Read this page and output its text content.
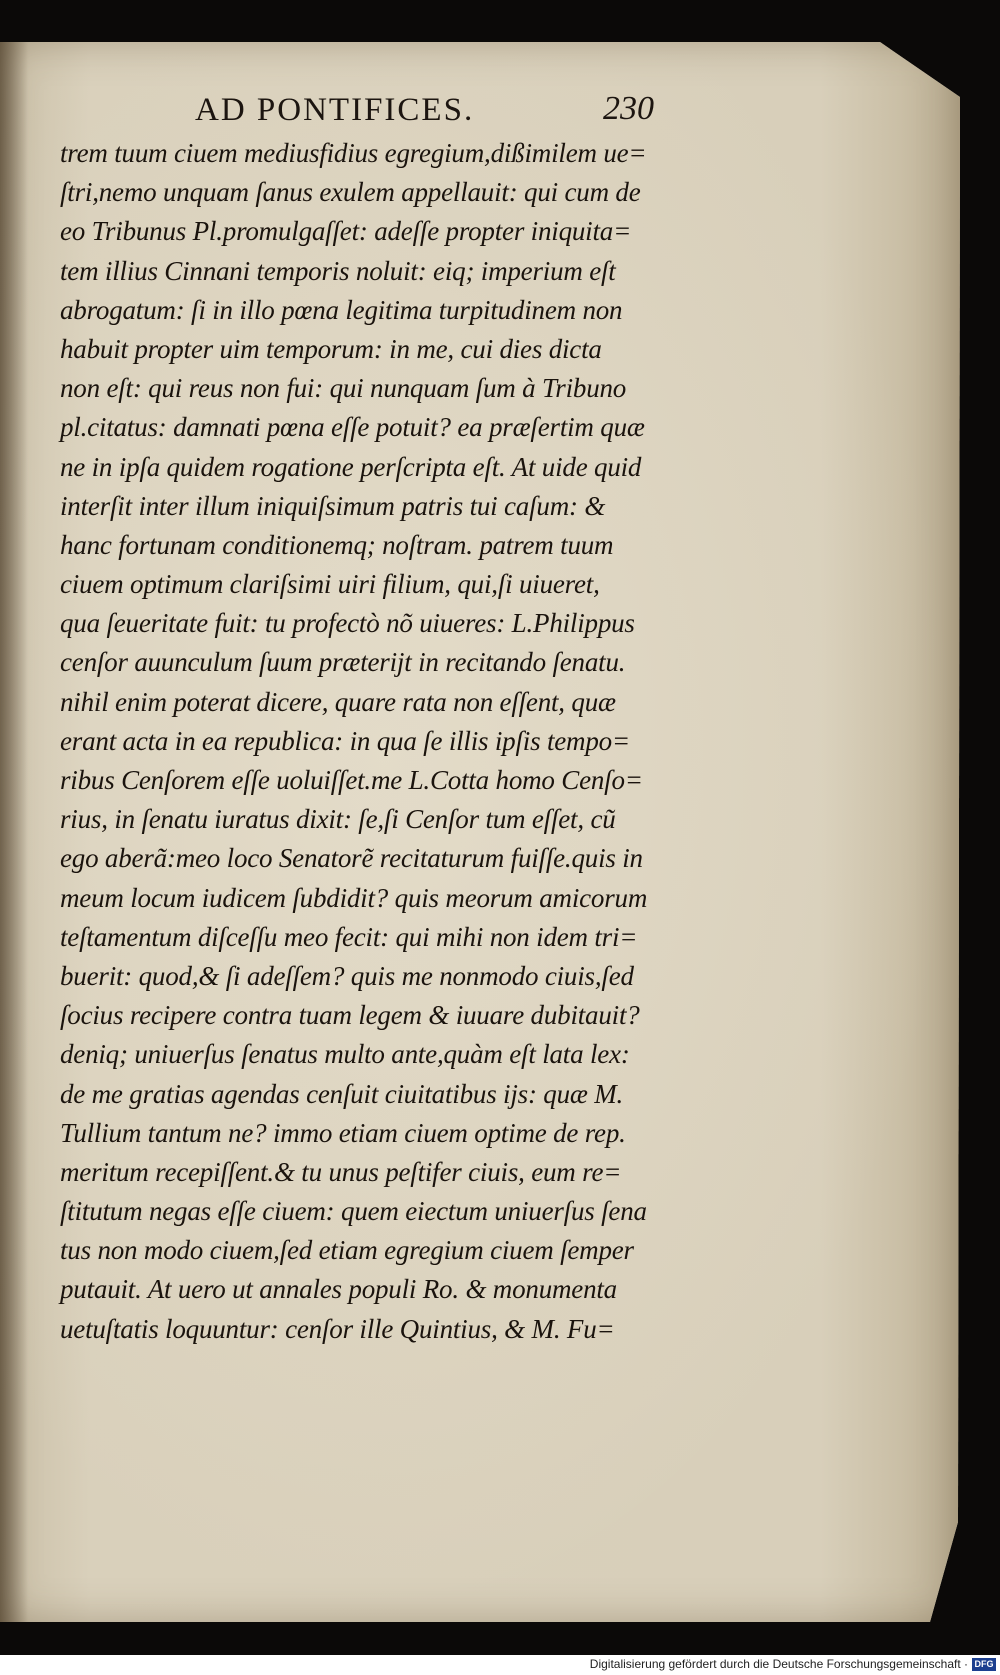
AD PONTIFICES.	230
trem tuum ciuem mediusfidius egregium,dißimilem ue=
ſtri,nemo unquam ſanus exulem appellauit: qui cum de
eo Tribunus Pl.promulgaſſet: adeſſe propter iniquita=
tem illius Cinnani temporis noluit: eiq; imperium eſt
abrogatum: ſi in illo pœna legitima turpitudinem non
habuit propter uim temporum: in me, cui dies dicta
non eſt: qui reus non fui: qui nunquam ſum à Tribuno
pl.citatus: damnati pœna eſſe potuit? ea præſertim quæ
ne in ipſa quidem rogatione perſcripta eſt. At uide quid
interſit inter illum iniquiſsimum patris tui caſum: &
hanc fortunam conditionemq; noſtram. patrem tuum
ciuem optimum clariſsimi uiri filium, qui,ſi uiueret,
qua ſeueritate fuit: tu profectò nõ uiueres: L.Philippus
cenſor auunculum ſuum præterijt in recitando ſenatu.
nihil enim poterat dicere, quare rata non eſſent, quæ
erant acta in ea republica: in qua ſe illis ipſis tempo=
ribus Cenſorem eſſe uoluiſſet.me L.Cotta homo Cenſo=
rius, in ſenatu iuratus dixit: ſe,ſi Cenſor tum eſſet, cũ
ego aberã:meo loco Senatorẽ recitaturum fuiſſe.quis in
meum locum iudicem ſubdidit? quis meorum amicorum
teſtamentum diſceſſu meo fecit: qui mihi non idem tri=
buerit: quod,& ſi adeſſem? quis me nonmodo ciuis,ſed
ſocius recipere contra tuam legem & iuuare dubitauit?
deniq; uniuerſus ſenatus multo ante,quàm eſt lata lex:
de me gratias agendas cenſuit ciuitatibus ijs: quæ M.
Tullium tantum ne? immo etiam ciuem optime de rep.
meritum recepiſſent.& tu unus peſtifer ciuis, eum re=
ſtitutum negas eſſe ciuem: quem eiectum uniuerſus ſena
tus non modo ciuem,ſed etiam egregium ciuem ſemper
putauit. At uero ut annales populi Ro. & monumenta
uetuſtatis loquuntur: cenſor ille Quintius, & M. Fu=
Digitalisierung gefördert durch die Deutsche Forschungsgemeinschaft · DFG
